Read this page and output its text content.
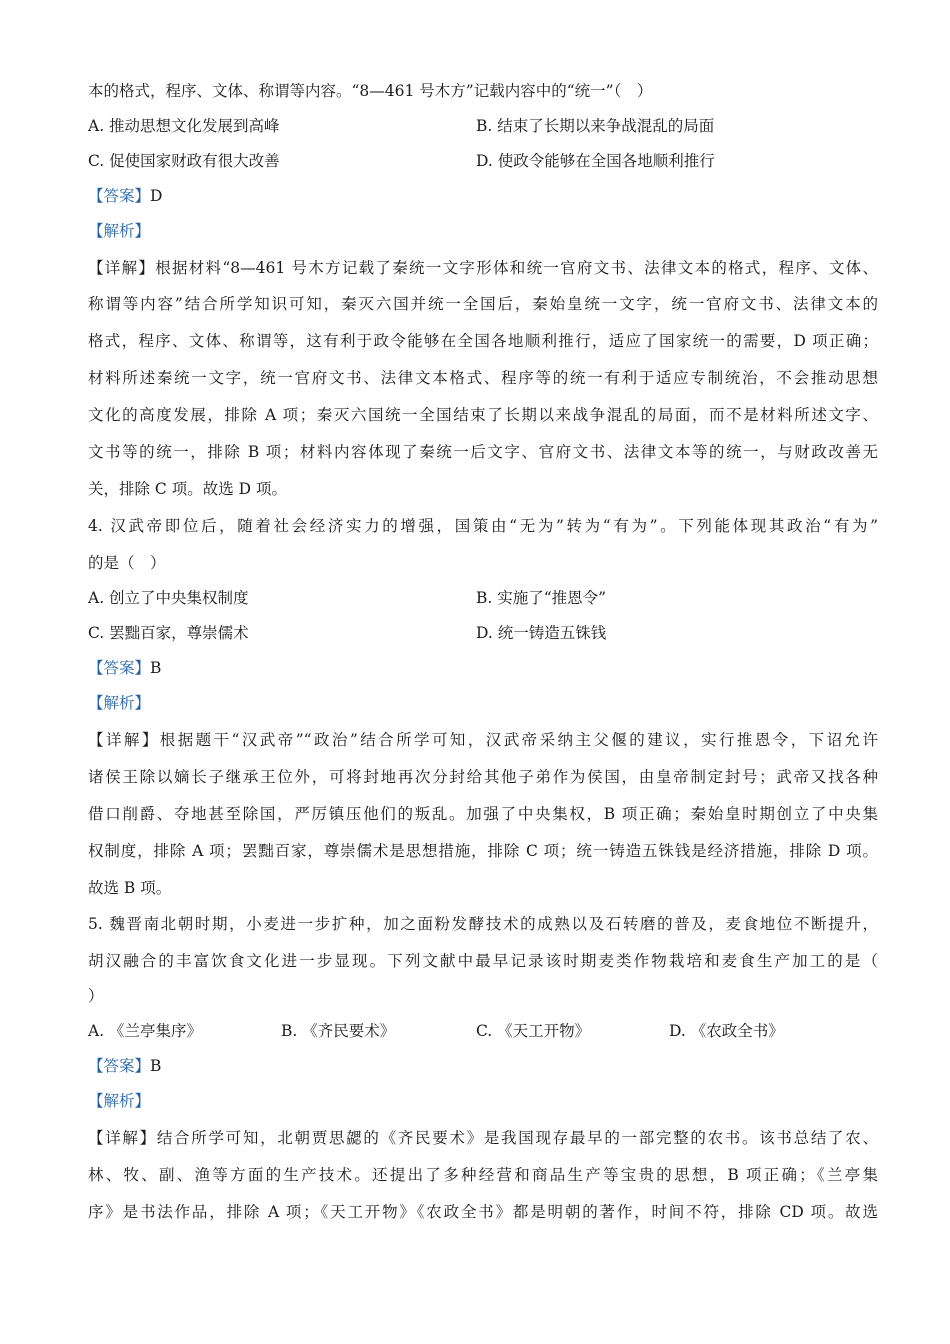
本的格式，程序、文体、称谓等内容。“8—461 号木方”记载内容中的“统一”（　）
A. 推动思想文化发展到高峰	B. 结束了长期以来争战混乱的局面
C. 促使国家财政有很大改善	D. 使政令能够在全国各地顺利推行
【答案】D
【解析】
【详解】根据材料“8—461 号木方记载了秦统一文字形体和统一官府文书、法律文本的格式，程序、文体、
称谓等内容”结合所学知识可知，秦灭六国并统一全国后，秦始皇统一文字，统一官府文书、法律文本的
格式，程序、文体、称谓等，这有利于政令能够在全国各地顺利推行，适应了国家统一的需要，D 项正确；
材料所述秦统一文字，统一官府文书、法律文本格式、程序等的统一有利于适应专制统治，不会推动思想
文化的高度发展，排除 A 项；秦灭六国统一全国结束了长期以来战争混乱的局面，而不是材料所述文字、
文书等的统一，排除 B 项；材料内容体现了秦统一后文字、官府文书、法律文本等的统一，与财政改善无
关，排除 C 项。故选 D 项。
4. 汉武帝即位后，随着社会经济实力的增强，国策由“无为”转为“有为”。下列能体现其政治“有为”
的是（　）
A. 创立了中央集权制度	B. 实施了“推恩令”
C. 罢黜百家，尊崇儒术	D. 统一铸造五铢钱
【答案】B
【解析】
【详解】根据题干“汉武帝”“政治”结合所学可知，汉武帝采纳主父偃的建议，实行推恩令，下诏允许
诸侯王除以嫡长子继承王位外，可将封地再次分封给其他子弟作为侯国，由皇帝制定封号；武帝又找各种
借口削爵、夺地甚至除国，严厉镇压他们的叛乱。加强了中央集权，B 项正确；秦始皇时期创立了中央集
权制度，排除 A 项；罢黜百家，尊崇儒术是思想措施，排除 C 项；统一铸造五铢钱是经济措施，排除 D 项。
故选 B 项。
5. 魏晋南北朝时期，小麦进一步扩种，加之面粉发酵技术的成熟以及石转磨的普及，麦食地位不断提升，
胡汉融合的丰富饮食文化进一步显现。下列文献中最早记录该时期麦类作物栽培和麦食生产加工的是（
）
A. 《兰亭集序》	B. 《齐民要术》	C. 《天工开物》	D. 《农政全书》
【答案】B
【解析】
【详解】结合所学可知，北朝贾思勰的《齐民要术》是我国现存最早的一部完整的农书。该书总结了农、
林、牧、副、渔等方面的生产技术。还提出了多种经营和商品生产等宝贵的思想，B 项正确；《兰亭集
序》是书法作品，排除 A 项；《天工开物》《农政全书》都是明朝的著作，时间不符，排除 CD 项。故选
